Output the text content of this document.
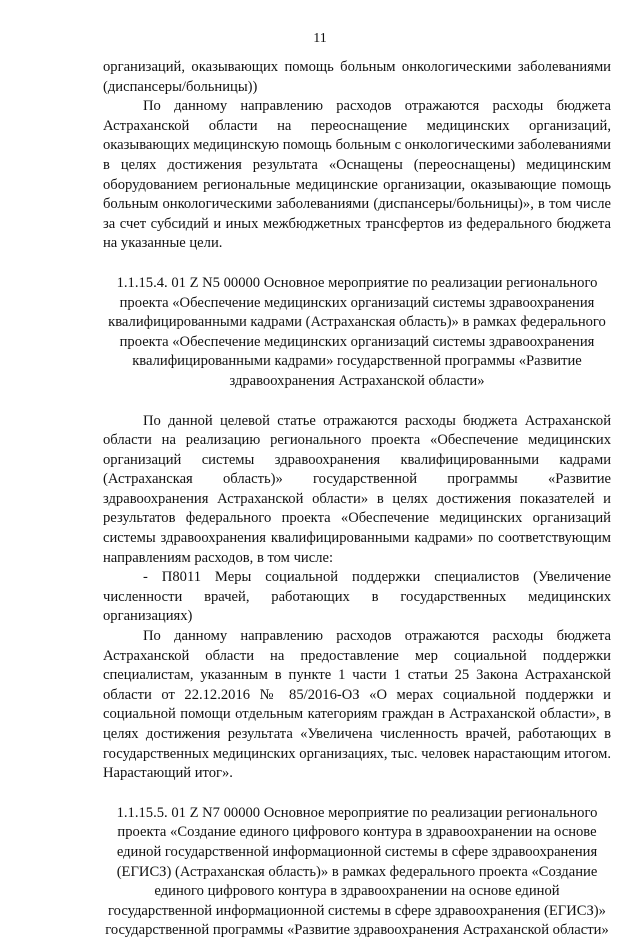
11

организаций, оказывающих помощь больным онкологическими заболеваниями (диспансеры/больницы))

По данному направлению расходов отражаются расходы бюджета Астраханской области на переоснащение медицинских организаций, оказывающих медицинскую помощь больным с онкологическими заболеваниями в целях достижения результата «Оснащены (переоснащены) медицинским оборудованием региональные медицинские организации, оказывающие помощь больным онкологическими заболеваниями (диспансеры/больницы)», в том числе за счет субсидий и иных межбюджетных трансфертов из федерального бюджета на указанные цели.

1.1.15.4. 01 Z N5 00000 Основное мероприятие по реализации регионального проекта «Обеспечение медицинских организаций системы здравоохранения квалифицированными кадрами (Астраханская область)» в рамках федерального проекта «Обеспечение медицинских организаций системы здравоохранения квалифицированными кадрами» государственной программы «Развитие здравоохранения Астраханской области»

По данной целевой статье отражаются расходы бюджета Астраханской области на реализацию регионального проекта «Обеспечение медицинских организаций системы здравоохранения квалифицированными кадрами (Астраханская область)» государственной программы «Развитие здравоохранения Астраханской области» в целях достижения показателей и результатов федерального проекта «Обеспечение медицинских организаций системы здравоохранения квалифицированными кадрами» по соответствующим направлениям расходов, в том числе:

- П8011 Меры социальной поддержки специалистов (Увеличение численности врачей, работающих в государственных медицинских организациях)

По данному направлению расходов отражаются расходы бюджета Астраханской области на предоставление мер социальной поддержки специалистам, указанным в пункте 1 части 1 статьи 25 Закона Астраханской области от 22.12.2016 № 85/2016-ОЗ «О мерах социальной поддержки и социальной помощи отдельным категориям граждан в Астраханской области», в целях достижения результата «Увеличена численность врачей, работающих в государственных медицинских организациях, тыс. человек нарастающим итогом. Нарастающий итог».

1.1.15.5. 01 Z N7 00000 Основное мероприятие по реализации регионального проекта «Создание единого цифрового контура в здравоохранении на основе единой государственной информационной системы в сфере здравоохранения (ЕГИСЗ) (Астраханская область)» в рамках федерального проекта «Создание единого цифрового контура в здравоохранении на основе единой государственной информационной системы в сфере здравоохранения (ЕГИСЗ)» государственной программы «Развитие здравоохранения Астраханской области»
